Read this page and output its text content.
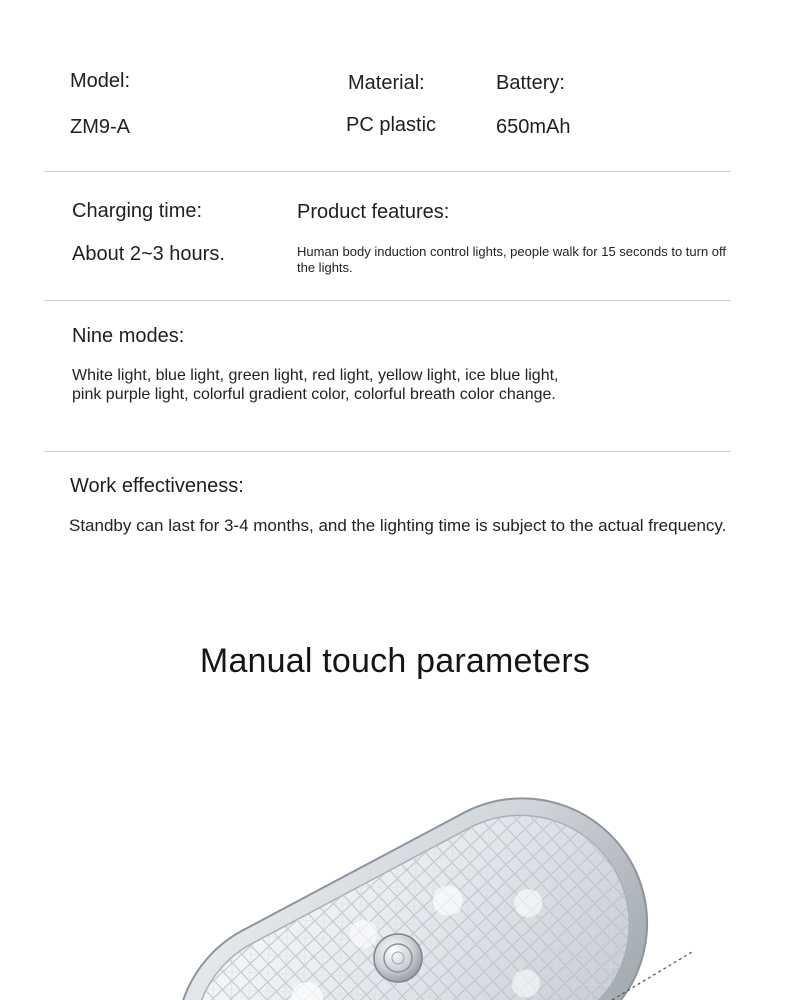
Model:
ZM9-A
Material:
PC plastic
Battery:
650mAh
Charging time:
About 2~3 hours.
Product features:
Human body induction control lights, people walk for 15 seconds to turn off
the lights.
Nine modes:
White light, blue light, green light, red light, yellow light, ice blue light,
pink purple light, colorful gradient color, colorful breath color change.
Work effectiveness:
Standby can last for 3-4 months, and the lighting time is subject to the actual frequency.
Manual touch parameters
